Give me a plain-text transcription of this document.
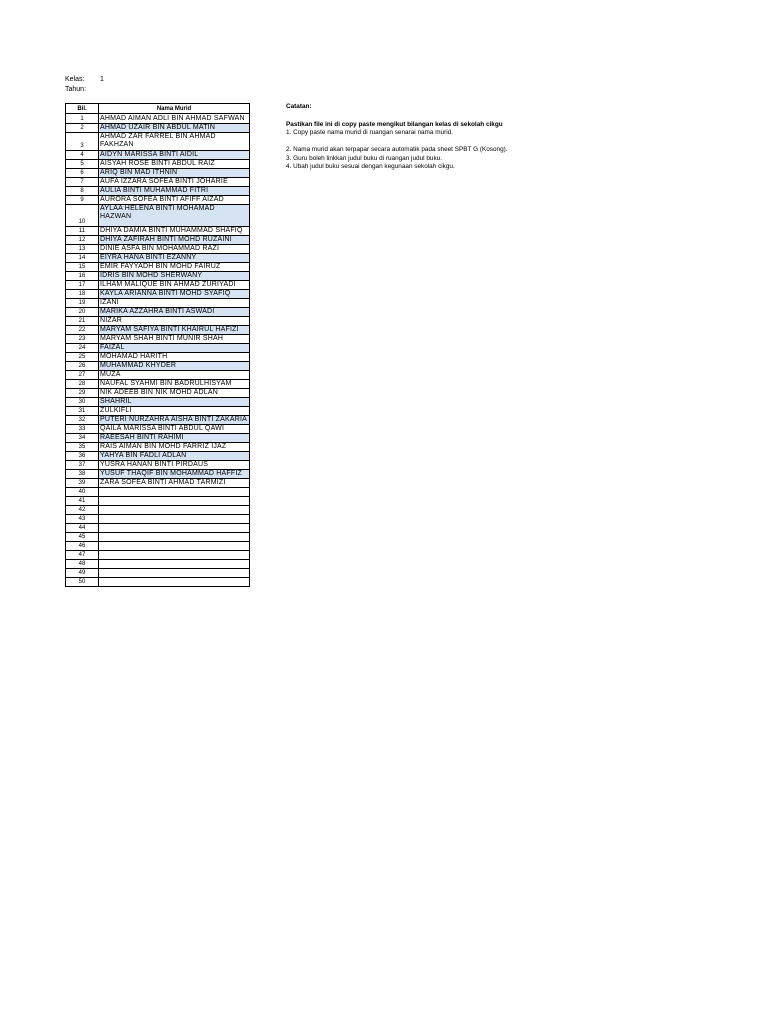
Kelas: 1
Tahun:
Bil.	Nama Murid
1	AHMAD AIMAN ADLI BIN AHMAD SAFWAN
2	AHMAD UZAIR BIN ABDUL MATIN
3	AHMAD ZAR FARREL BIN AHMAD FAKHZAN
4	AIDYN MARISSA BINTI AIDIL
5	AISYAH ROSE BINTI ABDUL RAIZ
6	ARIQ BIN MAD ITHNIN
7	AUFA IZZARA SOFEA BINTI JOHARIE
8	AULIA BINTI MUHAMMAD FITRI
9	AURORA SOFEA BINTI AFIFF AIZAD
10	AYLAA HELENA BINTI MOHAMAD HAZWAN
11	DHIYA DAMIA BINTI MUHAMMAD SHAFIQ
12	DHIYA ZAFIRAH BINTI MOHD RUZAINI
13	DINIE ASFA BIN MOHAMMAD RAZI
14	EIYRA HANA BINTI EZANNY
15	EMIR FAYYADH BIN MOHD FAIRUZ
16	IDRIS BIN MOHD SHERWANY
17	ILHAM MALIQUE BIN AHMAD ZURIYADI
18	KAYLA ARIANNA BINTI MOHD SYAFIQ
19	IZANI
20	MARIKA AZZAHRA BINTI ASWADI
21	NIZAR
22	MARYAM SAFIYA BINTI KHAIRUL HAFIZI
23	MARYAM SHAH BINTI MUNIR SHAH
24	FAIZAL
25	MOHAMAD HARITH
26	MUHAMMAD KHYDER
27	MUZA
28	NAUFAL SYAHMI BIN BADRULHISYAM
29	NIK ADEEB BIN NIK MOHD ADLAN
30	SHAHRIL
31	ZULKIFLI
32	PUTERI NURZAHRA AISHA BINTI ZAKARIA
33	QAILA MARISSA BINTI ABDUL QAWI
34	RAEESAH BINTI RAHIMI
35	RAIS AIMAN BIN MOHD FARRIZ IJAZ
36	YAHYA BIN FADLI ADLAN
37	YUSRA HANAN BINTI PIRDAUS
38	YUSUF THAQIF BIN MOHAMMAD HAFFIZ
39	ZARA SOFEA BINTI AHMAD TARMIZI
40	
41	
42	
43	
44	
45	
46	
47	
48	
49	
50	
Catatan:
Pastikan file ini di copy paste mengikut bilangan kelas di sekolah cikgu
1. Copy paste nama murid di ruangan senarai nama murid.
2. Nama murid akan terpapar secara automatik pada sheet SPBT G (Kosong).
3. Guru boleh linkkan judul buku di ruangan judul buku.
4. Ubah judul buku sesuai dengan kegunaan sekolah cikgu.
